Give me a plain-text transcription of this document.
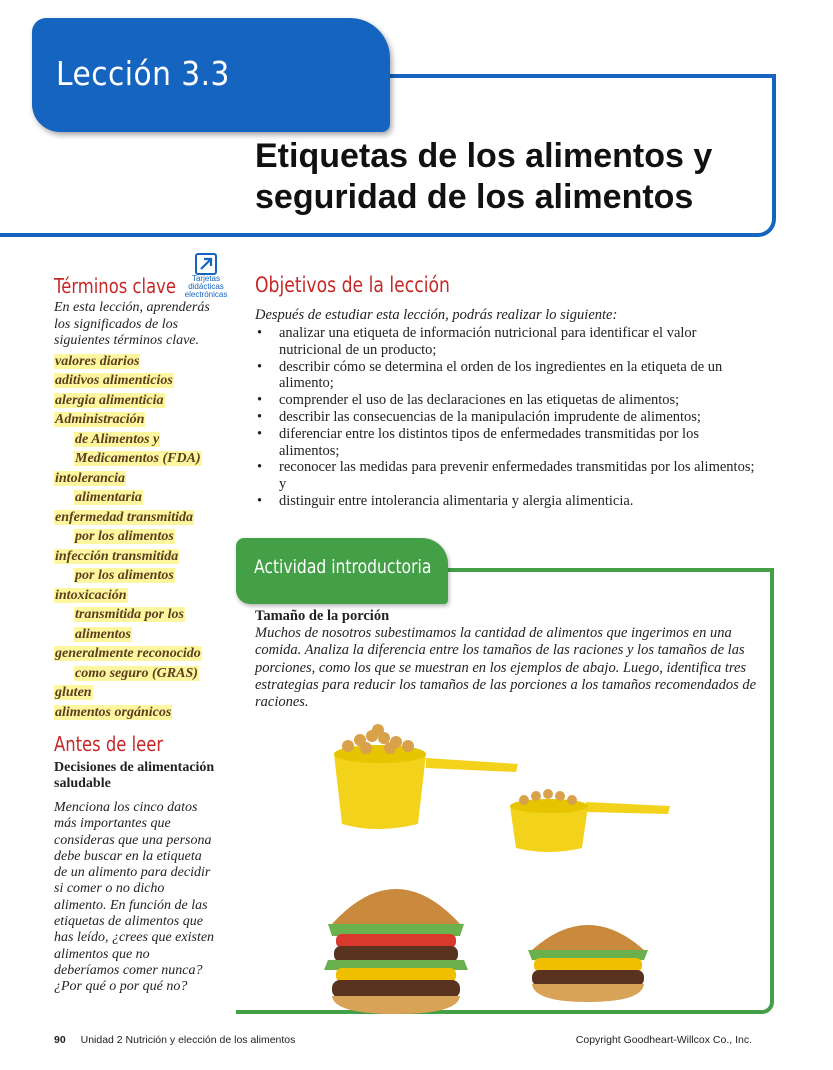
Lección 3.3
Etiquetas de los alimentos y
seguridad de los alimentos
Términos clave	Tarjetas
didácticas
electrónicas
En esta lección, aprenderás los significados de los siguientes términos clave.
valores diarios
aditivos alimenticios
alergia alimenticia
Administración
de Alimentos y
Medicamentos (FDA)
intolerancia
alimentaria
enfermedad transmitida
por los alimentos
infección transmitida
por los alimentos
intoxicación
transmitida por los
alimentos
generalmente reconocido
como seguro (GRAS)
gluten
alimentos orgánicos
Antes de leer
Decisiones de alimentación saludable
Menciona los cinco datos más importantes que consideras que una persona debe buscar en la etiqueta de un alimento para decidir si comer o no dicho alimento. En función de las etiquetas de alimentos que has leído, ¿crees que existen alimentos que no deberíamos comer nunca? ¿Por qué o por qué no?
Objetivos de la lección
Después de estudiar esta lección, podrás realizar lo siguiente:
• analizar una etiqueta de información nutricional para identificar el valor nutricional de un producto;
• describir cómo se determina el orden de los ingredientes en la etiqueta de un alimento;
• comprender el uso de las declaraciones en las etiquetas de alimentos;
• describir las consecuencias de la manipulación imprudente de alimentos;
• diferenciar entre los distintos tipos de enfermedades transmitidas por los alimentos;
• reconocer las medidas para prevenir enfermedades transmitidas por los alimentos; y
• distinguir entre intolerancia alimentaria y alergia alimenticia.
Actividad introductoria
Tamaño de la porción
Muchos de nosotros subestimamos la cantidad de alimentos que ingerimos en una comida. Analiza la diferencia entre los tamaños de las raciones y los tamaños de las porciones, como los que se muestran en los ejemplos de abajo. Luego, identifica tres estrategias para reducir los tamaños de las porciones a los tamaños recomendados de raciones.
90 Unidad 2 Nutrición y elección de los alimentos	Copyright Goodheart-Willcox Co., Inc.
